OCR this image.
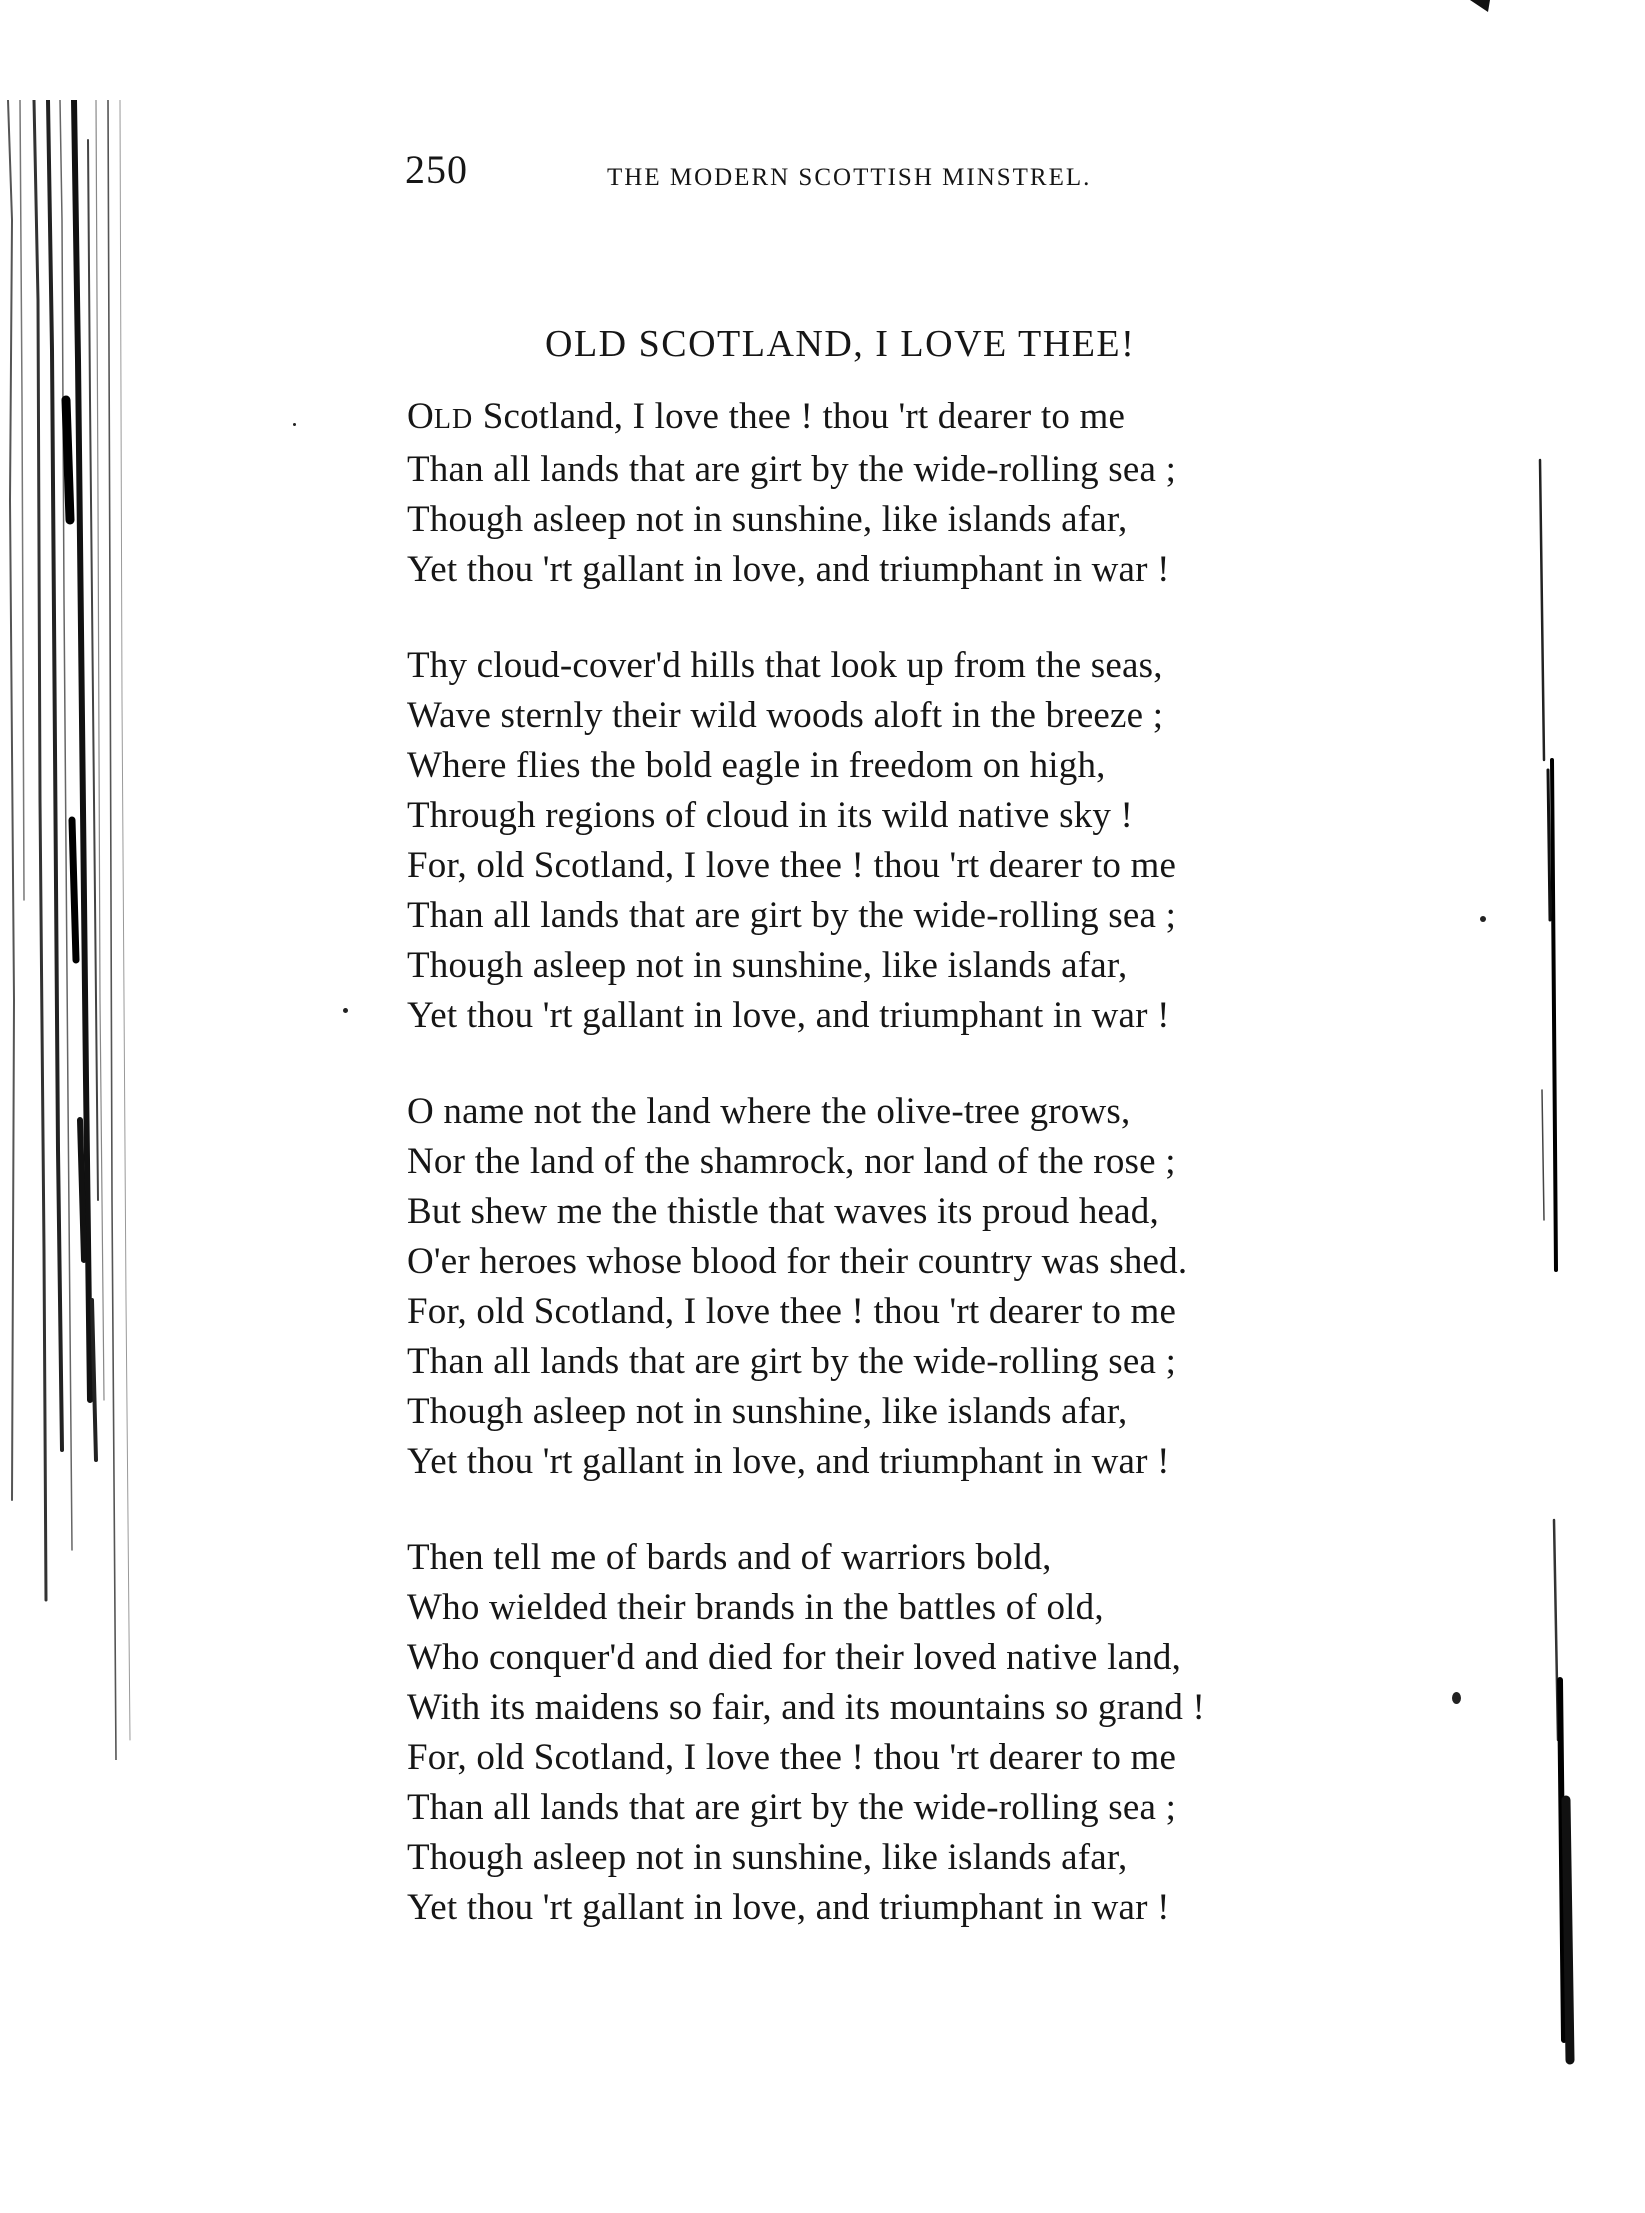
250	THE MODERN SCOTTISH MINSTREL.
OLD SCOTLAND, I LOVE THEE!
OLD Scotland, I love thee ! thou 'rt dearer to me
Than all lands that are girt by the wide-rolling sea ;
Though asleep not in sunshine, like islands afar,
Yet thou 'rt gallant in love, and triumphant in war !
Thy cloud-cover'd hills that look up from the seas,
Wave sternly their wild woods aloft in the breeze ;
Where flies the bold eagle in freedom on high,
Through regions of cloud in its wild native sky !
For, old Scotland, I love thee ! thou 'rt dearer to me
Than all lands that are girt by the wide-rolling sea ;
Though asleep not in sunshine, like islands afar,
Yet thou 'rt gallant in love, and triumphant in war !
O name not the land where the olive-tree grows,
Nor the land of the shamrock, nor land of the rose ;
But shew me the thistle that waves its proud head,
O'er heroes whose blood for their country was shed.
For, old Scotland, I love thee ! thou 'rt dearer to me
Than all lands that are girt by the wide-rolling sea ;
Though asleep not in sunshine, like islands afar,
Yet thou 'rt gallant in love, and triumphant in war !
Then tell me of bards and of warriors bold,
Who wielded their brands in the battles of old,
Who conquer'd and died for their loved native land,
With its maidens so fair, and its mountains so grand !
For, old Scotland, I love thee ! thou 'rt dearer to me
Than all lands that are girt by the wide-rolling sea ;
Though asleep not in sunshine, like islands afar,
Yet thou 'rt gallant in love, and triumphant in war !
